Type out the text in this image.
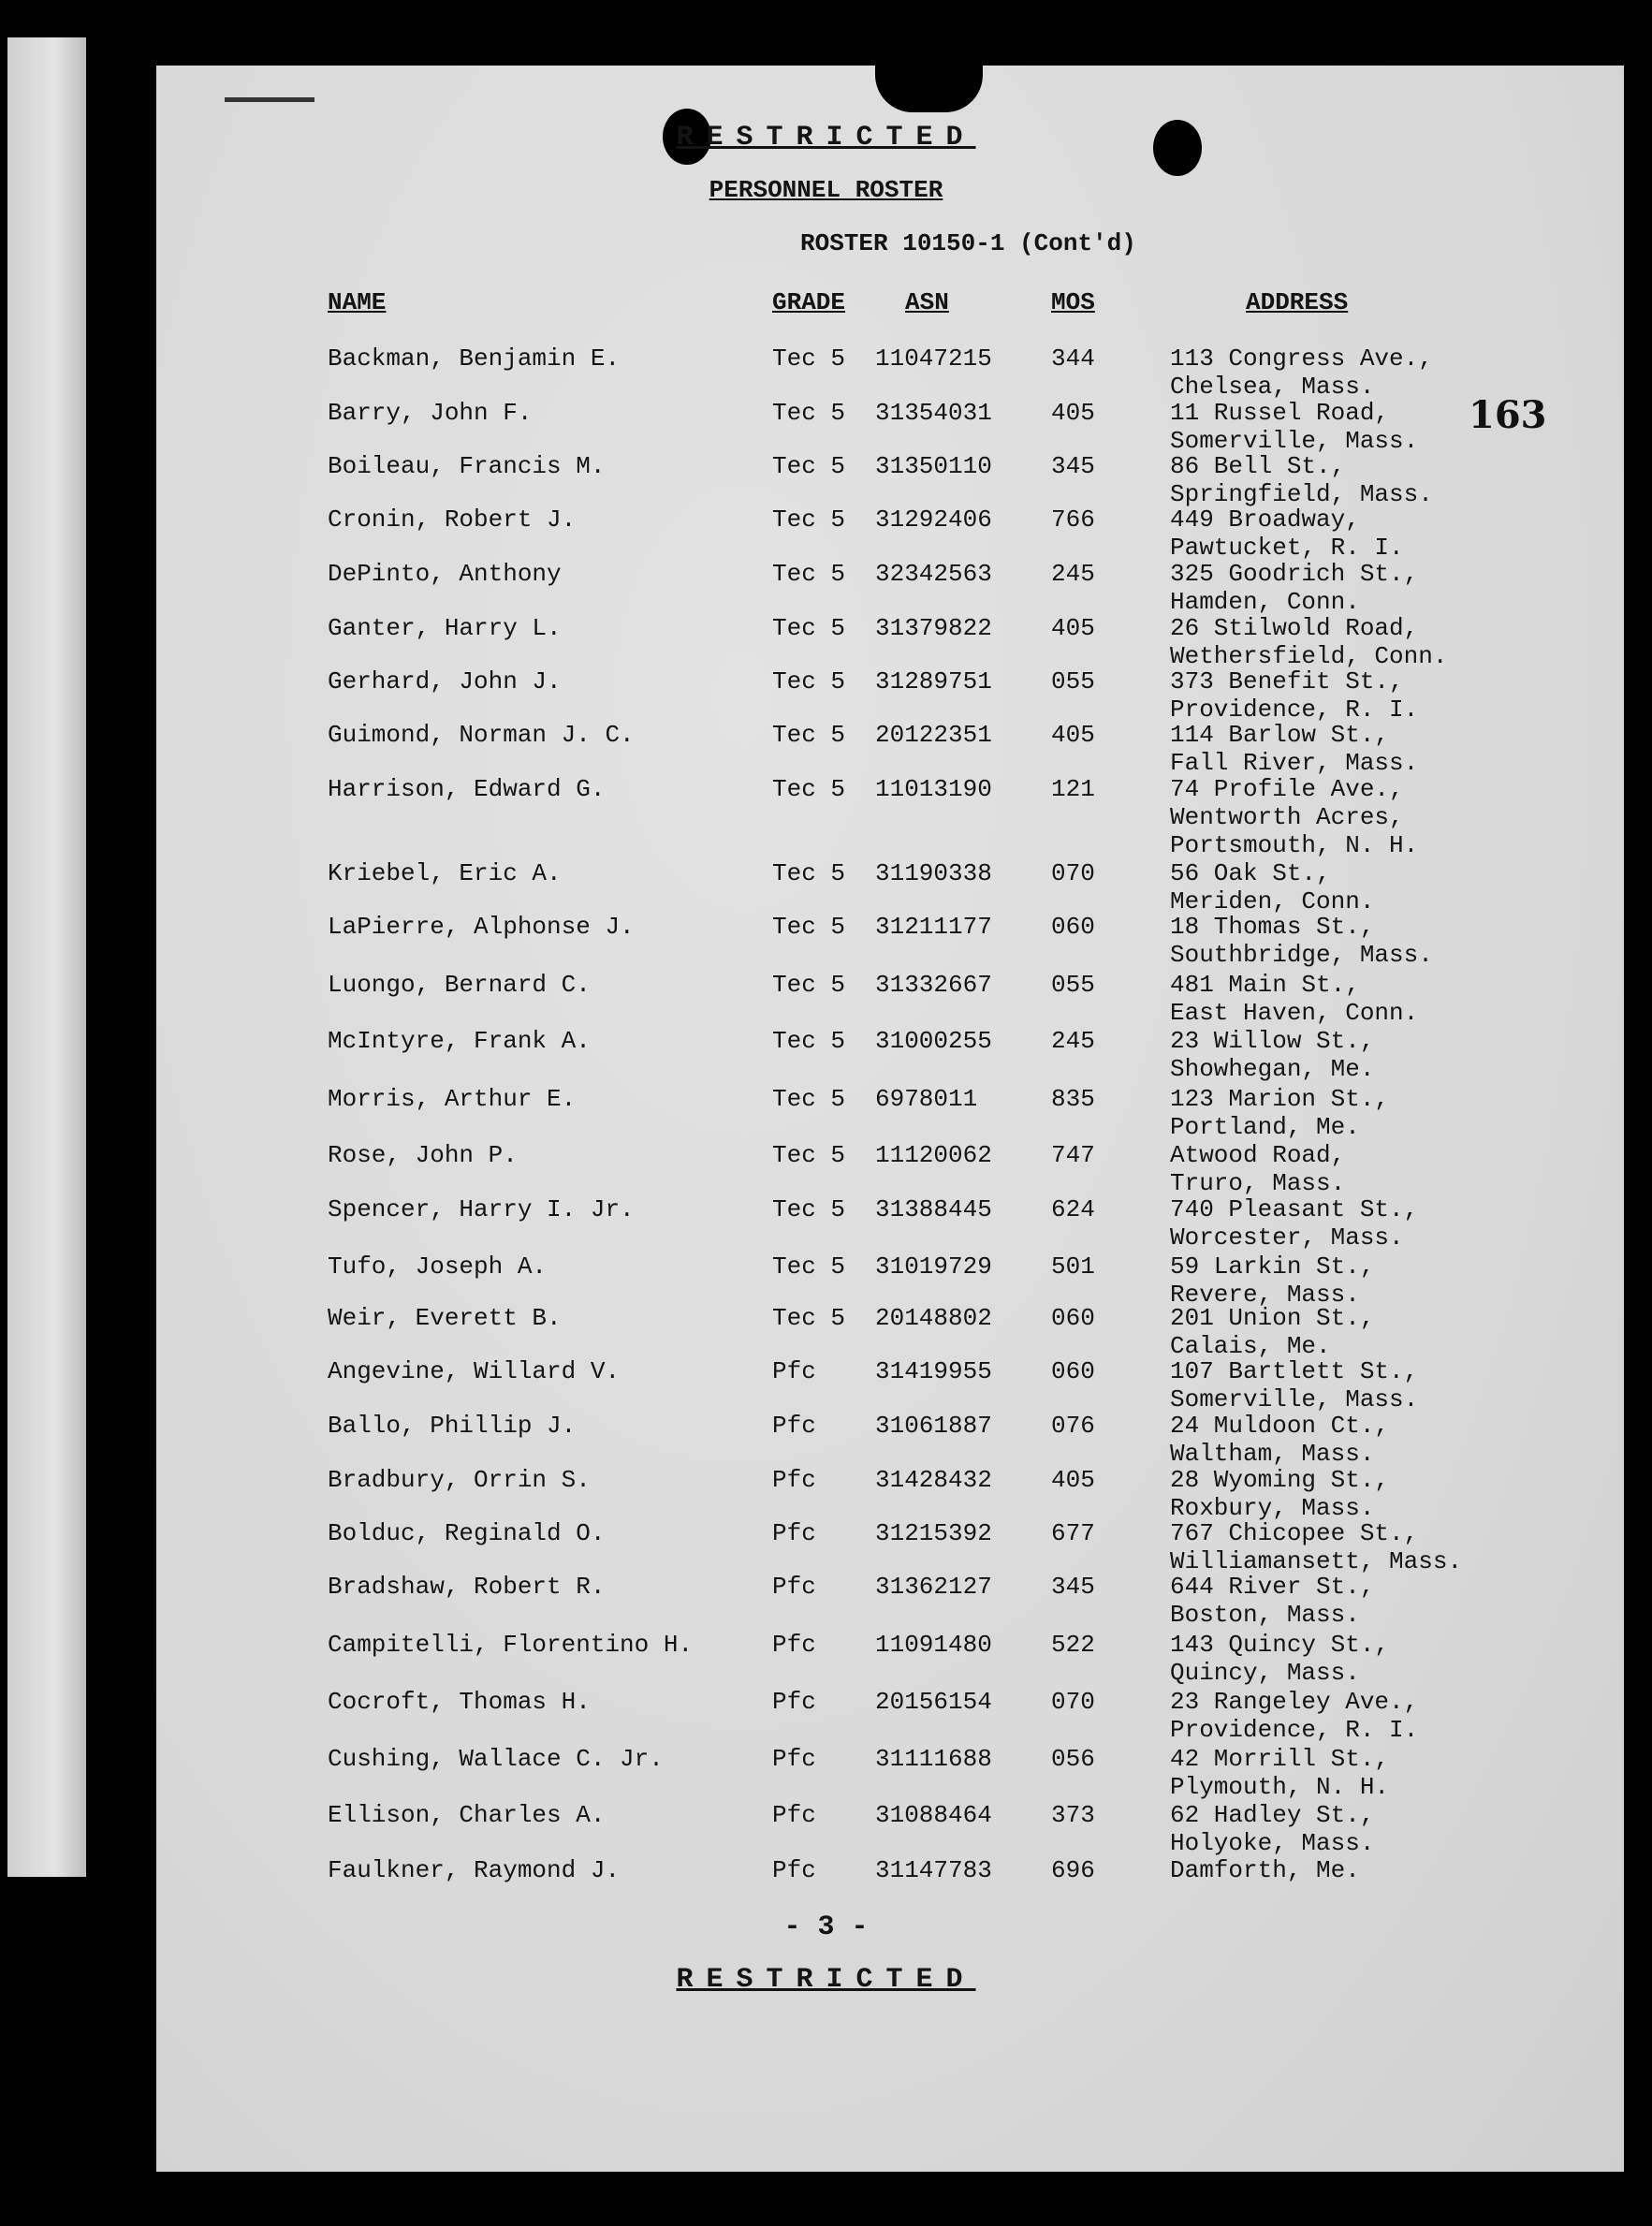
RESTRICTED
PERSONNEL ROSTER
ROSTER 10150-1 (Cont'd)
163
NAME	GRADE ASN	MOS	ADDRESS
Backman, Benjamin E.	Tec 5 11047215 344	113 Congress Ave.,
Chelsea, Mass.
Barry, John F.	Tec 5 31354031 405	11 Russel Road,
Somerville, Mass.
Boileau, Francis M.	Tec 5 31350110 345	86 Bell St.,
Springfield, Mass.
Cronin, Robert J.	Tec 5 31292406 766	449 Broadway,
Pawtucket, R. I.
DePinto, Anthony	Tec 5 32342563 245	325 Goodrich St.,
Hamden, Conn.
Ganter, Harry L.	Tec 5 31379822 405	26 Stilwold Road,
Wethersfield, Conn.
Gerhard, John J.	Tec 5 31289751 055	373 Benefit St.,
Providence, R. I.
Guimond, Norman J. C.	Tec 5 20122351 405	114 Barlow St.,
Fall River, Mass.
Harrison, Edward G.	Tec 5 11013190 121	74 Profile Ave.,
Wentworth Acres,
Portsmouth, N. H.
Kriebel, Eric A.	Tec 5 31190338 070	56 Oak St.,
Meriden, Conn.
LaPierre, Alphonse J.	Tec 5 31211177 060	18 Thomas St.,
Southbridge, Mass.
Luongo, Bernard C.	Tec 5 31332667 055	481 Main St.,
East Haven, Conn.
McIntyre, Frank A.	Tec 5 31000255 245	23 Willow St.,
Showhegan, Me.
Morris, Arthur E.	Tec 5 6978011	835	123 Marion St.,
Portland, Me.
Rose, John P.	Tec 5 11120062 747	Atwood Road,
Truro, Mass.
Spencer, Harry I. Jr.	Tec 5 31388445 624	740 Pleasant St.,
Worcester, Mass.
Tufo, Joseph A.	Tec 5 31019729 501	59 Larkin St.,
Revere, Mass.
Weir, Everett B.	Tec 5 20148802 060	201 Union St.,
Calais, Me.
Angevine, Willard V.	Pfc 31419955 060	107 Bartlett St.,
Somerville, Mass.
Ballo, Phillip J.	Pfc 31061887 076	24 Muldoon Ct.,
Waltham, Mass.
Bradbury, Orrin S.	Pfc 31428432 405	28 Wyoming St.,
Roxbury, Mass.
Bolduc, Reginald O.	Pfc 31215392 677	767 Chicopee St.,
Williamansett, Mass.
Bradshaw, Robert R.	Pfc 31362127 345	644 River St.,
Boston, Mass.
Campitelli, Florentino H.	Pfc 11091480 522	143 Quincy St.,
Quincy, Mass.
Cocroft, Thomas H.	Pfc 20156154 070	23 Rangeley Ave.,
Providence, R. I.
Cushing, Wallace C. Jr.	Pfc 31111688 056	42 Morrill St.,
Plymouth, N. H.
Ellison, Charles A.	Pfc 31088464 373	62 Hadley St.,
Holyoke, Mass.
Faulkner, Raymond J.	Pfc 31147783 696	Damforth, Me.
- 3 -
RESTRICTED
